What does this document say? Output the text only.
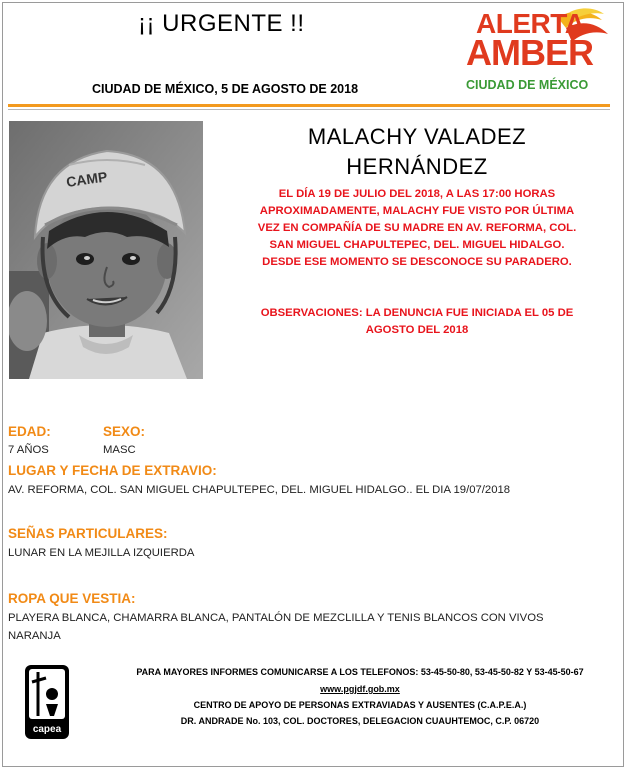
¡¡ URGENTE !!
CIUDAD DE MÉXICO, 5 DE AGOSTO DE 2018
ALERTA
AMBER
CIUDAD DE MÉXICO
CAMP
MALACHY VALADEZ
HERNÁNDEZ
EL DÍA 19 DE JULIO DEL 2018, A LAS 17:00 HORAS
APROXIMADAMENTE, MALACHY FUE VISTO POR ÚLTIMA
VEZ EN COMPAÑÍA DE SU MADRE EN AV. REFORMA, COL.
SAN MIGUEL CHAPULTEPEC, DEL. MIGUEL HIDALGO.
DESDE ESE MOMENTO SE DESCONOCE SU PARADERO.
OBSERVACIONES: LA DENUNCIA FUE INICIADA EL 05 DE
AGOSTO DEL 2018
EDAD:
7 AÑOS
SEXO:
MASC
LUGAR Y FECHA DE EXTRAVIO:
AV. REFORMA, COL. SAN MIGUEL CHAPULTEPEC, DEL. MIGUEL HIDALGO.. EL DIA 19/07/2018
SEÑAS PARTICULARES:
LUNAR EN LA MEJILLA IZQUIERDA
ROPA QUE VESTIA:
PLAYERA BLANCA, CHAMARRA BLANCA, PANTALÓN DE MEZCLILLA Y TENIS BLANCOS CON VIVOS
NARANJA
capea
PARA MAYORES INFORMES COMUNICARSE A LOS TELEFONOS: 53-45-50-80, 53-45-50-82 Y 53-45-50-67
www.pgjdf.gob.mx
CENTRO DE APOYO DE PERSONAS EXTRAVIADAS Y AUSENTES (C.A.P.E.A.)
DR. ANDRADE No. 103, COL. DOCTORES, DELEGACION CUAUHTEMOC, C.P. 06720
